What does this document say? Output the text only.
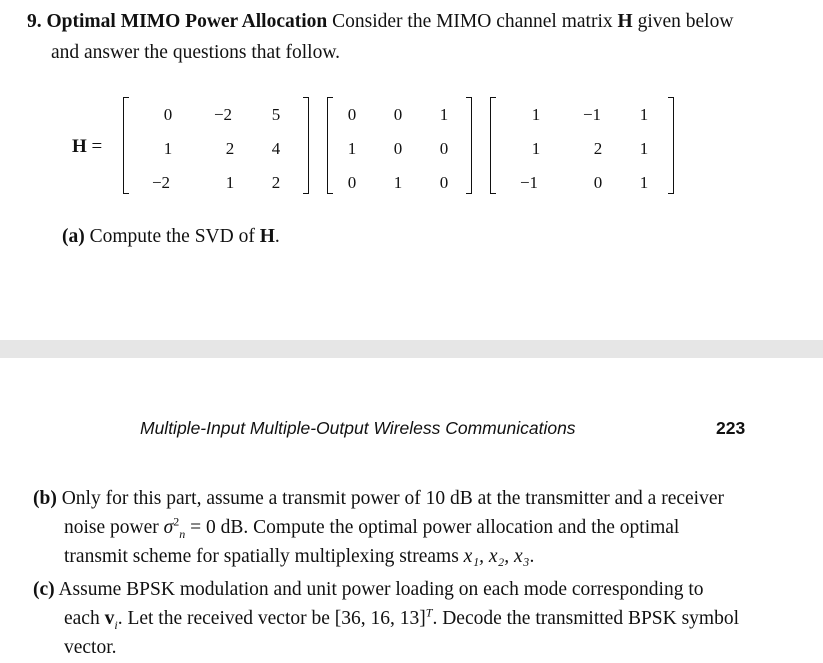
9. Optimal MIMO Power Allocation Consider the MIMO channel matrix H given below
and answer the questions that follow.
H =
0 −2 5
1	2 4
−2	1 2
0 0 1
1 0 0
0 1 0
1	−1 1
1	2 1
−1	0 1
(a) Compute the SVD of H.
Multiple-Input Multiple-Output Wireless Communications	223
(b) Only for this part, assume a transmit power of 10 dB at the transmitter and a receiver
noise power $\sigma^2_n = 0$ dB. Compute the optimal power allocation and the optimal
transmit scheme for spatially multiplexing streams x₁, x₂, x₃.
(c) Assume BPSK modulation and unit power loading on each mode corresponding to
each $v_i$. Let the received vector be [36, 16, 13]$^T$. Decode the transmitted BPSK symbol
vector.
